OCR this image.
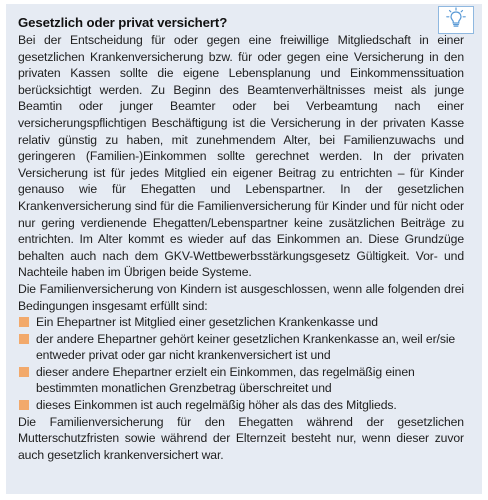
Gesetzlich oder privat versichert?

Bei der Entscheidung für oder gegen eine freiwillige Mitgliedschaft in einer gesetzlichen Krankenversicherung bzw. für oder gegen eine Versicherung in den privaten Kassen sollte die eigene Lebensplanung und Einkommenssituation berücksichtigt werden. Zu Beginn des Beamtenverhältnisses meist als junge Beamtin oder junger Beamter oder bei Verbeamtung nach einer versicherungspflichtigen Beschäftigung ist die Versicherung in der privaten Kasse relativ günstig zu haben, mit zunehmendem Alter, bei Familienzuwachs und geringeren (Familien-)Einkommen sollte gerechnet werden. In der privaten Versicherung ist für jedes Mitglied ein eigener Beitrag zu entrichten – für Kinder genauso wie für Ehegatten und Lebenspartner. In der gesetzlichen Krankenversicherung sind für die Familienversicherung für Kinder und für nicht oder nur gering verdienende Ehegatten/Lebenspartner keine zusätzlichen Beiträge zu entrichten. Im Alter kommt es wieder auf das Einkommen an. Diese Grundzüge behalten auch nach dem GKV-Wettbewerbsstärkungsgesetz Gültigkeit. Vor- und Nachteile haben im Übrigen beide Systeme.

Die Familienversicherung von Kindern ist ausgeschlossen, wenn alle folgenden drei Bedingungen insgesamt erfüllt sind:

Ein Ehepartner ist Mitglied einer gesetzlichen Krankenkasse und
der andere Ehepartner gehört keiner gesetzlichen Krankenkasse an, weil er/sie entweder privat oder gar nicht krankenversichert ist und
dieser andere Ehepartner erzielt ein Einkommen, das regelmäßig einen bestimmten monatlichen Grenzbetrag überschreitet und
dieses Einkommen ist auch regelmäßig höher als das des Mitglieds.

Die Familienversicherung für den Ehegatten während der gesetzlichen Mutterschutzfristen sowie während der Elternzeit besteht nur, wenn dieser zuvor auch gesetzlich krankenversichert war.
